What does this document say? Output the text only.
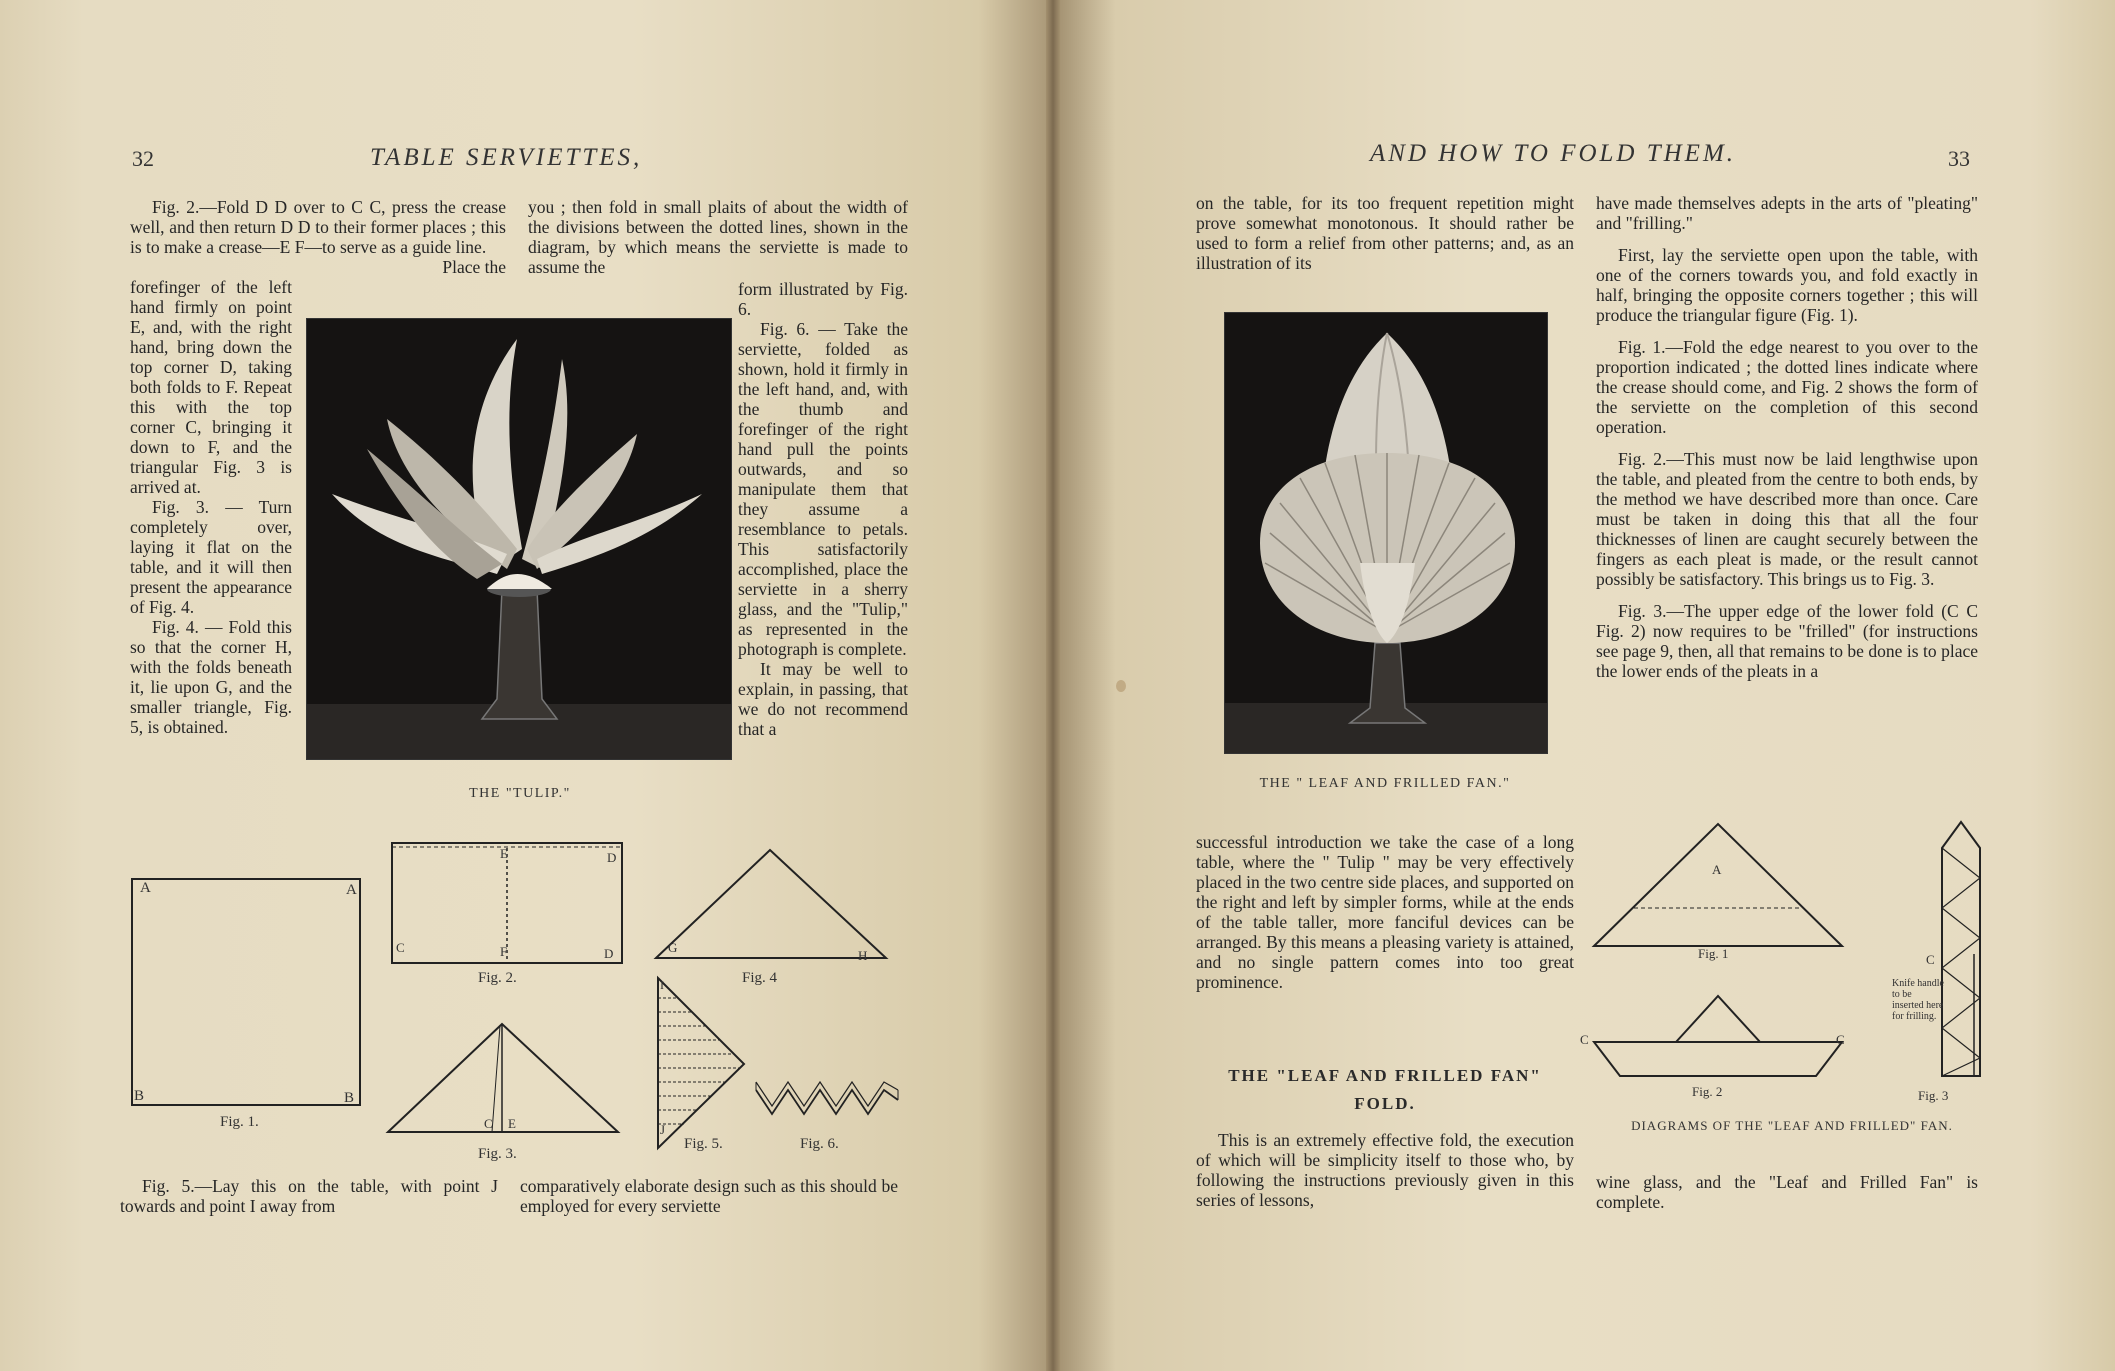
32	TABLE SERVIETTES,

Fig. 2.—Fold D D over to C C, press the crease well, and then return D D to their former places ; this is to make a crease—E F—to serve as a guide line.

Place the

forefinger of the left hand firmly on point E, and, with the right hand, bring down the top corner D, taking both folds to F. Repeat this with the top corner C, bringing it down to F, and the triangular Fig. 3 is arrived at.

Fig. 3. — Turn completely over, laying it flat on the table, and it will then present the appearance of Fig. 4.

Fig. 4. — Fold this so that the corner H, with the folds beneath it, lie upon G, and the smaller triangle, Fig. 5, is obtained.

you ; then fold in small plaits of about the width of the divisions between the dotted lines, shown in the diagram, by which means the serviette is made to assume the

form illustrated by Fig. 6.

Fig. 6. — Take the serviette, folded as shown, hold it firmly in the left hand, and, with the thumb and forefinger of the right hand pull the points outwards, and so manipulate them that they assume a resemblance to petals. This satisfactorily accomplished, place the serviette in a sherry glass, and the "Tulip," as represented in the photograph is complete.

It may be well to explain, in passing, that we do not recommend that a

THE "TULIP."
A	A
B	B
Fig. 1.
E	D
C	F	D
Fig. 2.
C E
Fig. 3.
G
H
Fig. 4
I
J
Fig. 5.	Fig. 6.

Fig. 5.—Lay this on the table, with point J towards and point I away from

comparatively elaborate design such as this should be employed for every serviette

AND HOW TO FOLD THEM.	33

on the table, for its too frequent repetition might prove somewhat monotonous. It should rather be used to form a relief from other patterns; and, as an illustration of its

THE " LEAF AND FRILLED FAN."

have made themselves adepts in the arts of "pleating" and "frilling."

First, lay the serviette open upon the table, with one of the corners towards you, and fold exactly in half, bringing the opposite corners together ; this will produce the triangular figure (Fig. 1).

Fig. 1.—Fold the edge nearest to you over to the proportion indicated ; the dotted lines indicate where the crease should come, and Fig. 2 shows the form of the serviette on the completion of this second operation.

Fig. 2.—This must now be laid lengthwise upon the table, and pleated from the centre to both ends, by the method we have described more than once. Care must be taken in doing this that all the four thicknesses of linen are caught securely between the fingers as each pleat is made, or the result cannot possibly be satisfactory. This brings us to Fig. 3.

Fig. 3.—The upper edge of the lower fold (C C Fig. 2) now requires to be "frilled" (for instructions see page 9, then, all that remains to be done is to place the lower ends of the pleats in a

successful introduction we take the case of a long table, where the " Tulip " may be very effectively placed in the two centre side places, and supported on the right and left by simpler forms, while at the ends of the table taller, more fanciful devices can be arranged. By this means a pleasing variety is attained, and no single pattern comes into too great prominence.

THE "LEAF AND FRILLED FAN"
FOLD.

This is an extremely effective fold, the execution of which will be simplicity itself to those who, by following the instructions previously given in this series of lessons,

A
Fig. 1
C	C
Fig. 2
C
Knife handle to be inserted here for frilling.
Fig. 3
DIAGRAMS OF THE "LEAF AND FRILLED" FAN.

wine glass, and the "Leaf and Frilled Fan" is complete.
